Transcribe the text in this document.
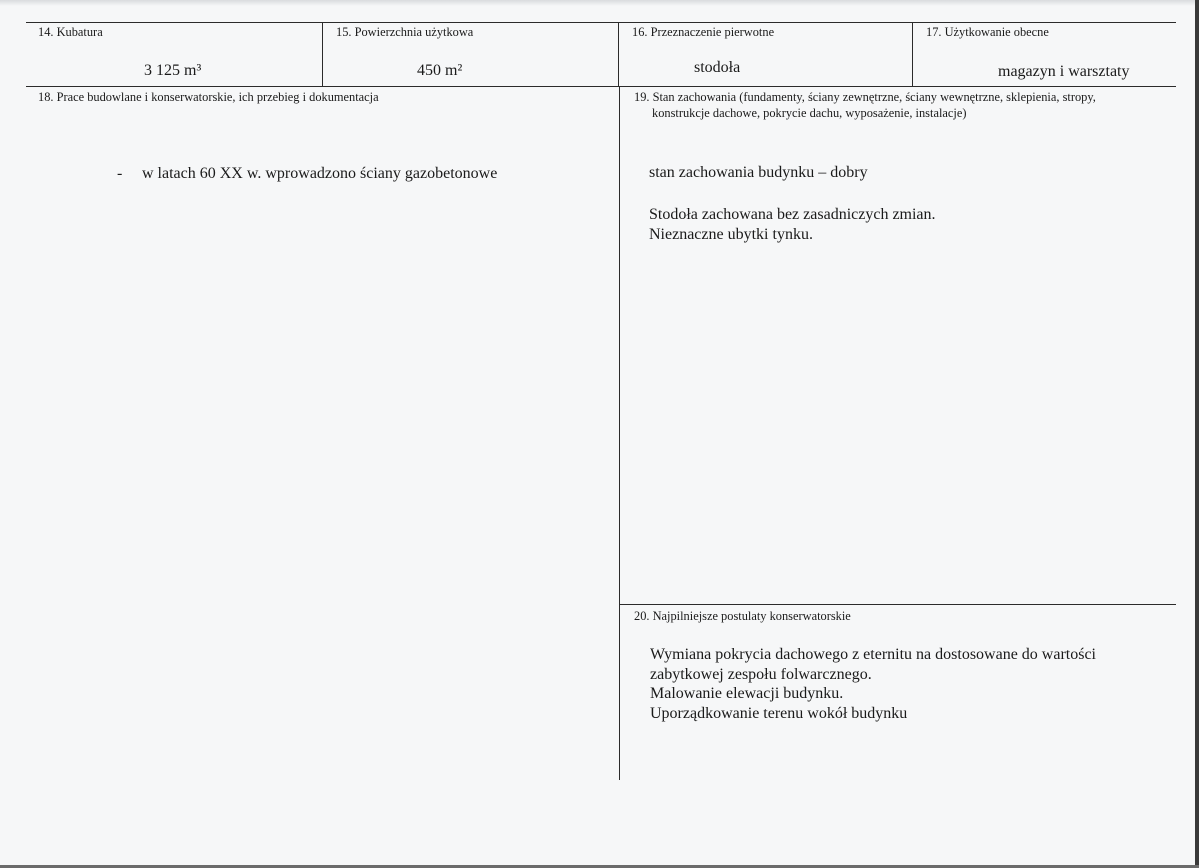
14. Kubatura
3 125 m³
15. Powierzchnia użytkowa
450 m²
16. Przeznaczenie pierwotne
stodoła
17. Użytkowanie obecne
magazyn i warsztaty
18. Prace budowlane i konserwatorskie, ich przebieg i dokumentacja
- w latach 60 XX w. wprowadzono ściany gazobetonowe
19. Stan zachowania (fundamenty, ściany zewnętrzne, ściany wewnętrzne, sklepienia, stropy,
konstrukcje dachowe, pokrycie dachu, wyposażenie, instalacje)
stan zachowania budynku – dobry
Stodoła zachowana bez zasadniczych zmian.
Nieznaczne ubytki tynku.
20. Najpilniejsze postulaty konserwatorskie
Wymiana pokrycia dachowego z eternitu na dostosowane do wartości
zabytkowej zespołu folwarcznego.
Malowanie elewacji budynku.
Uporządkowanie terenu wokół budynku
